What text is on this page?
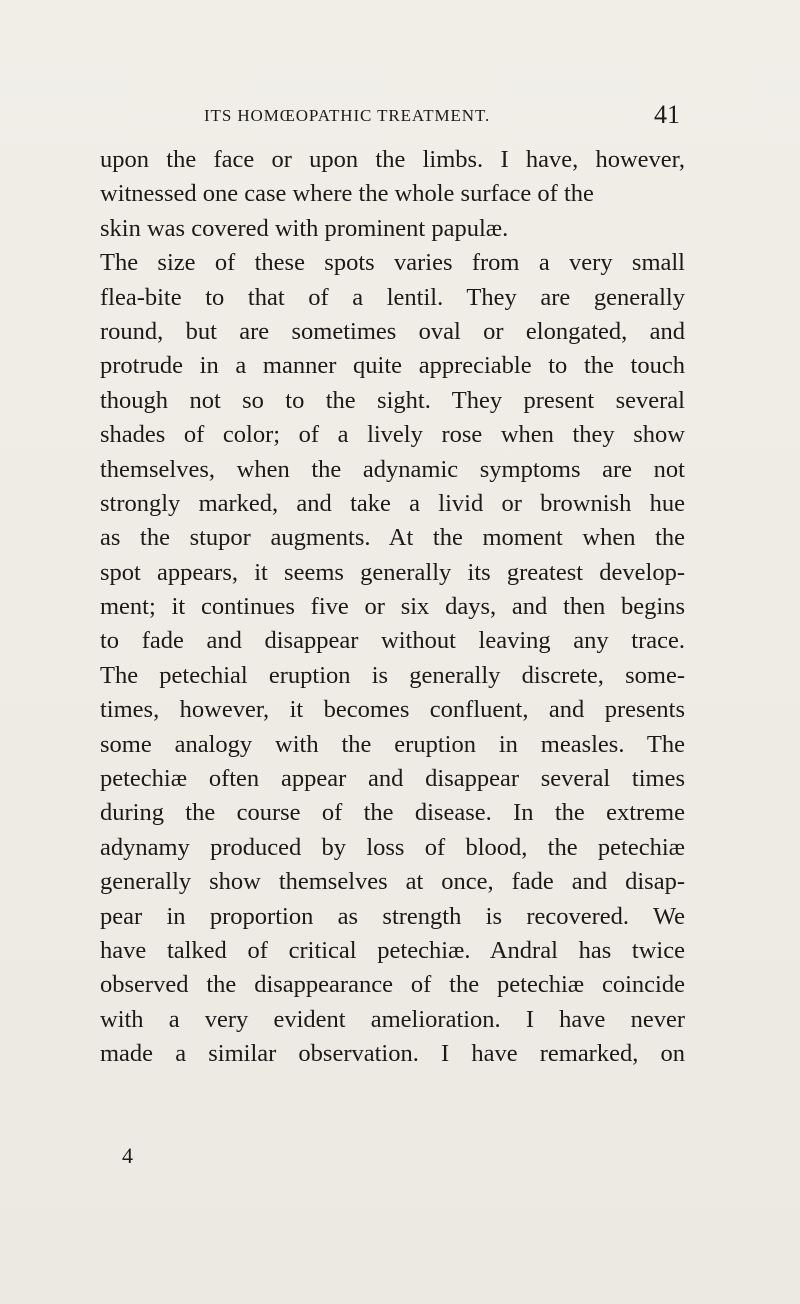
ITS HOMŒOPATHIC TREATMENT.	41
upon the face or upon the limbs. I have, however,
witnessed one case where the whole surface of the
skin was covered with prominent papulæ.
The size of these spots varies from a very small
flea-bite to that of a lentil. They are generally
round, but are sometimes oval or elongated, and
protrude in a manner quite appreciable to the touch
though not so to the sight. They present several
shades of color; of a lively rose when they show
themselves, when the adynamic symptoms are not
strongly marked, and take a livid or brownish hue
as the stupor augments. At the moment when the
spot appears, it seems generally its greatest develop-
ment; it continues five or six days, and then begins
to fade and disappear without leaving any trace.
The petechial eruption is generally discrete, some-
times, however, it becomes confluent, and presents
some analogy with the eruption in measles. The
petechiæ often appear and disappear several times
during the course of the disease. In the extreme
adynamy produced by loss of blood, the petechiæ
generally show themselves at once, fade and disap-
pear in proportion as strength is recovered. We
have talked of critical petechiæ. Andral has twice
observed the disappearance of the petechiæ coincide
with a very evident amelioration. I have never
made a similar observation. I have remarked, on
4
